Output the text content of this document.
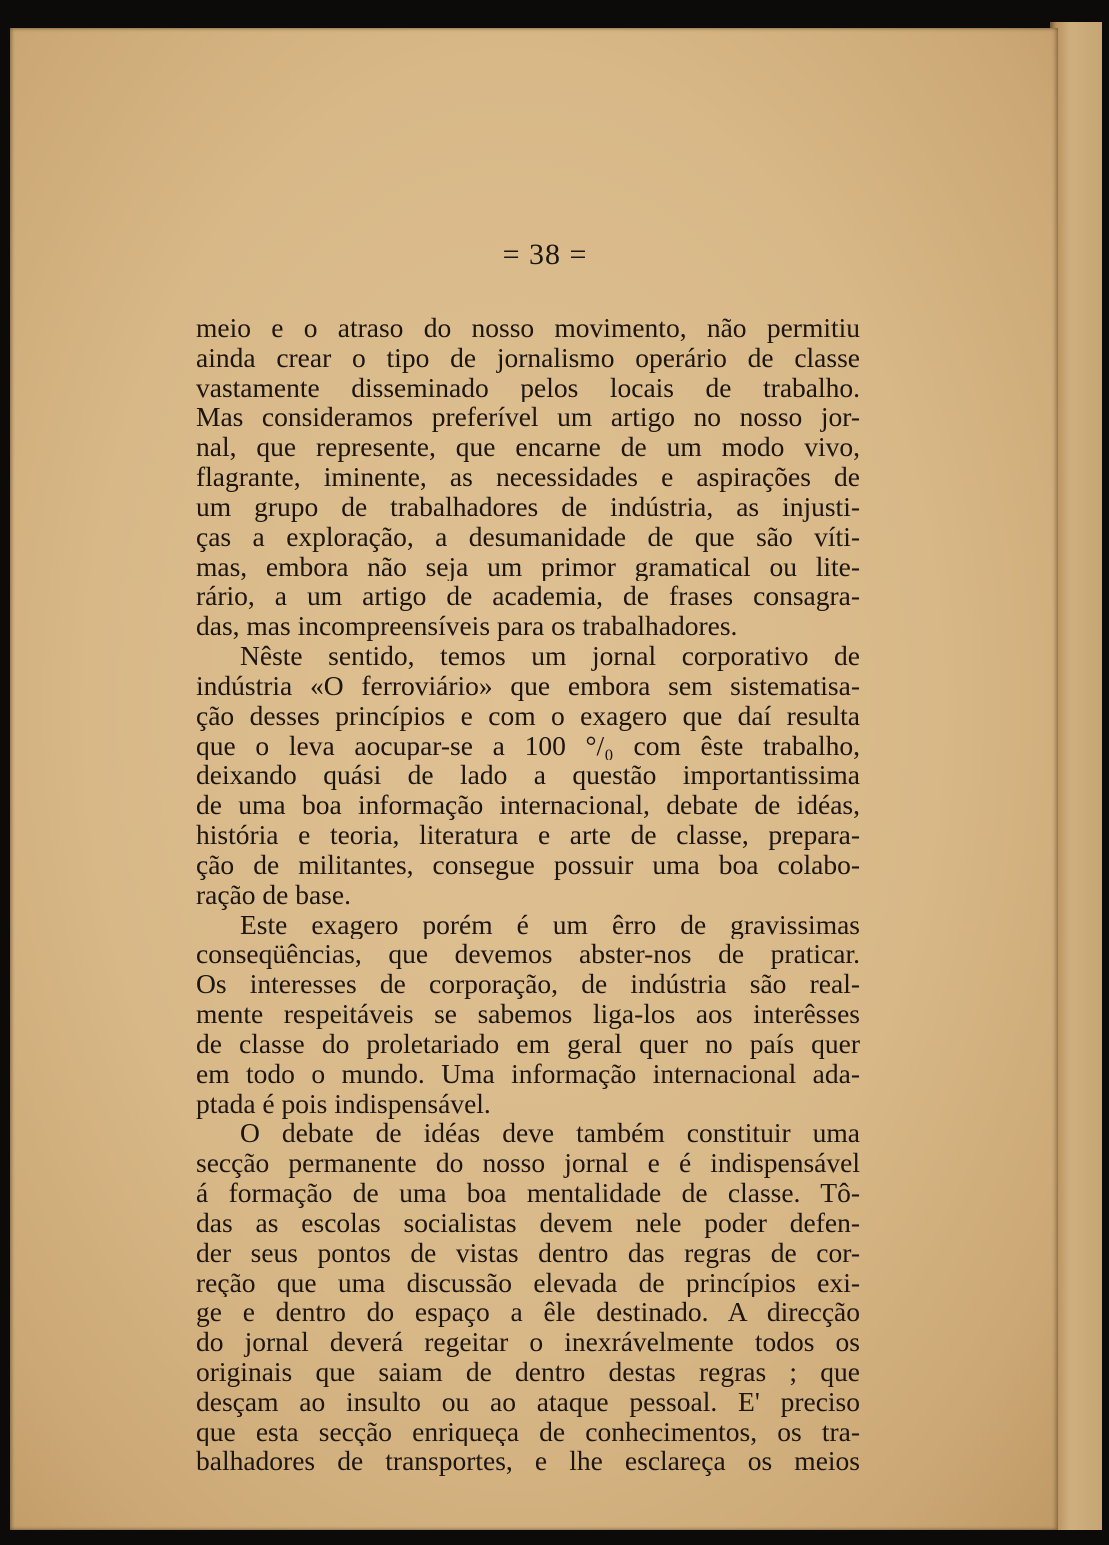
= 38 =
meio e o atraso do nosso movimento, não permitiu
ainda crear o tipo de jornalismo operário de classe
vastamente disseminado pelos locais de trabalho.
Mas consideramos preferível um artigo no nosso jor-
nal, que represente, que encarne de um modo vivo,
flagrante, iminente, as necessidades e aspirações de
um grupo de trabalhadores de indústria, as injusti-
ças a exploração, a desumanidade de que são víti-
mas, embora não seja um primor gramatical ou lite-
rário, a um artigo de academia, de frases consagra-
das, mas incompreensíveis para os trabalhadores.
Nêste sentido, temos um jornal corporativo de
indústria «O ferroviário» que embora sem sistematisa-
ção desses princípios e com o exagero que daí resulta
que o leva aocupar-se a 100 °/₀ com êste trabalho,
deixando quási de lado a questão importantissima
de uma boa informação internacional, debate de idéas,
história e teoria, literatura e arte de classe, prepara-
ção de militantes, consegue possuir uma boa colabo-
ração de base.
Este exagero porém é um êrro de gravissimas
conseqüências, que devemos abster-nos de praticar.
Os interesses de corporação, de indústria são real-
mente respeitáveis se sabemos liga-los aos interêsses
de classe do proletariado em geral quer no país quer
em todo o mundo. Uma informação internacional ada-
ptada é pois indispensável.
O debate de idéas deve também constituir uma
secção permanente do nosso jornal e é indispensável
á formação de uma boa mentalidade de classe. Tô-
das as escolas socialistas devem nele poder defen-
der seus pontos de vistas dentro das regras de cor-
reção que uma discussão elevada de princípios exi-
ge e dentro do espaço a êle destinado. A direcção
do jornal deverá regeitar o inexrávelmente todos os
originais que saiam de dentro destas regras ; que
desçam ao insulto ou ao ataque pessoal. E' preciso
que esta secção enriqueça de conhecimentos, os tra-
balhadores de transportes, e lhe esclareça os meios
